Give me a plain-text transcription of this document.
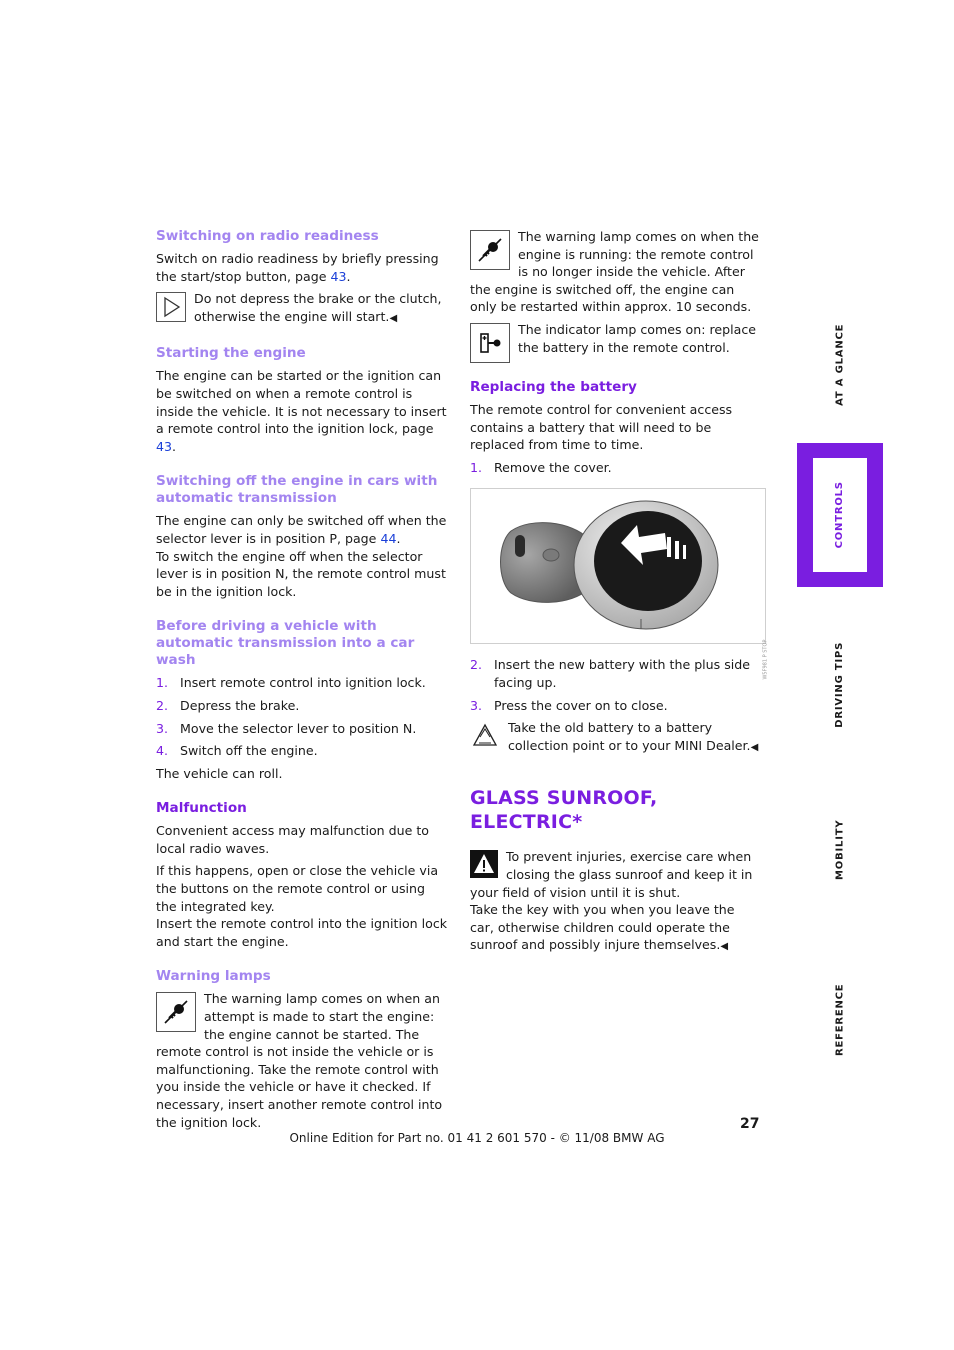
Switching on radio readiness

Switch on radio readiness by briefly pressing the start/stop button, page 43.

Do not depress the brake or the clutch, otherwise the engine will start.◀
Starting the engine

The engine can be started or the ignition can be switched on when a remote control is inside the vehicle. It is not necessary to insert a remote control into the ignition lock, page 43.

Switching off the engine in cars with automatic transmission

The engine can only be switched off when the selector lever is in position P, page 44.

To switch the engine off when the selector lever is in position N, the remote control must be in the ignition lock.

Before driving a vehicle with automatic transmission into a car wash
1. Insert remote control into ignition lock.
2. Depress the brake.
3. Move the selector lever to position N.
4. Switch off the engine.

The vehicle can roll.

Malfunction

Convenient access may malfunction due to local radio waves.

If this happens, open or close the vehicle via the buttons on the remote control or using the integrated key.

Insert the remote control into the ignition lock and start the engine.

Warning lamps
The warning lamp comes on when an attempt is made to start the engine: the engine cannot be started. The remote control is not inside the vehicle or is malfunctioning. Take the remote control with you inside the vehicle or have it checked. If necessary, insert another remote control into the ignition lock.
The warning lamp comes on when the engine is running: the remote control is no longer inside the vehicle. After the engine is switched off, the engine can only be restarted within approx. 10 seconds.
The indicator lamp comes on: replace the battery in the remote control.
Replacing the battery

The remote control for convenient access contains a battery that will need to be replaced from time to time.

1. Remove the cover.
W5F981 P STOP
2. Insert the new battery with the plus side facing up.
3. Press the cover on to close.
Take the old battery to a battery collection point or to your MINI Dealer.◀
GLASS SUNROOF, ELECTRIC*
To prevent injuries, exercise care when closing the glass sunroof and keep it in your field of vision until it is shut.

Take the key with you when you leave the car, otherwise children could operate the sunroof and possibly injure themselves.◀

AT A GLANCE
CONTROLS
DRIVING TIPS
MOBILITY
REFERENCE
27
Online Edition for Part no. 01 41 2 601 570 - © 11/08 BMW AG
